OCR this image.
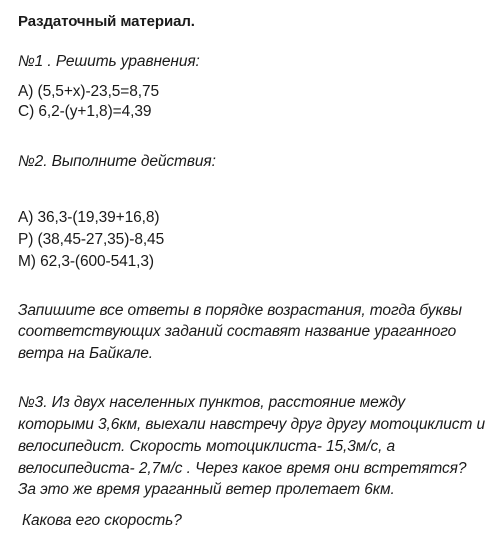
Раздаточный материал.
№1 . Решить уравнения:
А) (5,5+x)-23,5=8,75
С) 6,2-(y+1,8)=4,39
№2. Выполните действия:
А) 36,3-(19,39+16,8)
Р) (38,45-27,35)-8,45
М) 62,3-(600-541,3)
Запишите все ответы в порядке возрастания, тогда буквы
соответствующих заданий составят название ураганного
ветра на Байкале.
№3. Из двух населенных пунктов, расстояние между
которыми 3,6км, выехали навстречу друг другу мотоциклист и
велосипедист. Скорость мотоциклиста- 15,3м/с, а
велосипедиста- 2,7м/с . Через какое время они встретятся?
За это же время ураганный ветер пролетает 6км.
Какова его скорость?
